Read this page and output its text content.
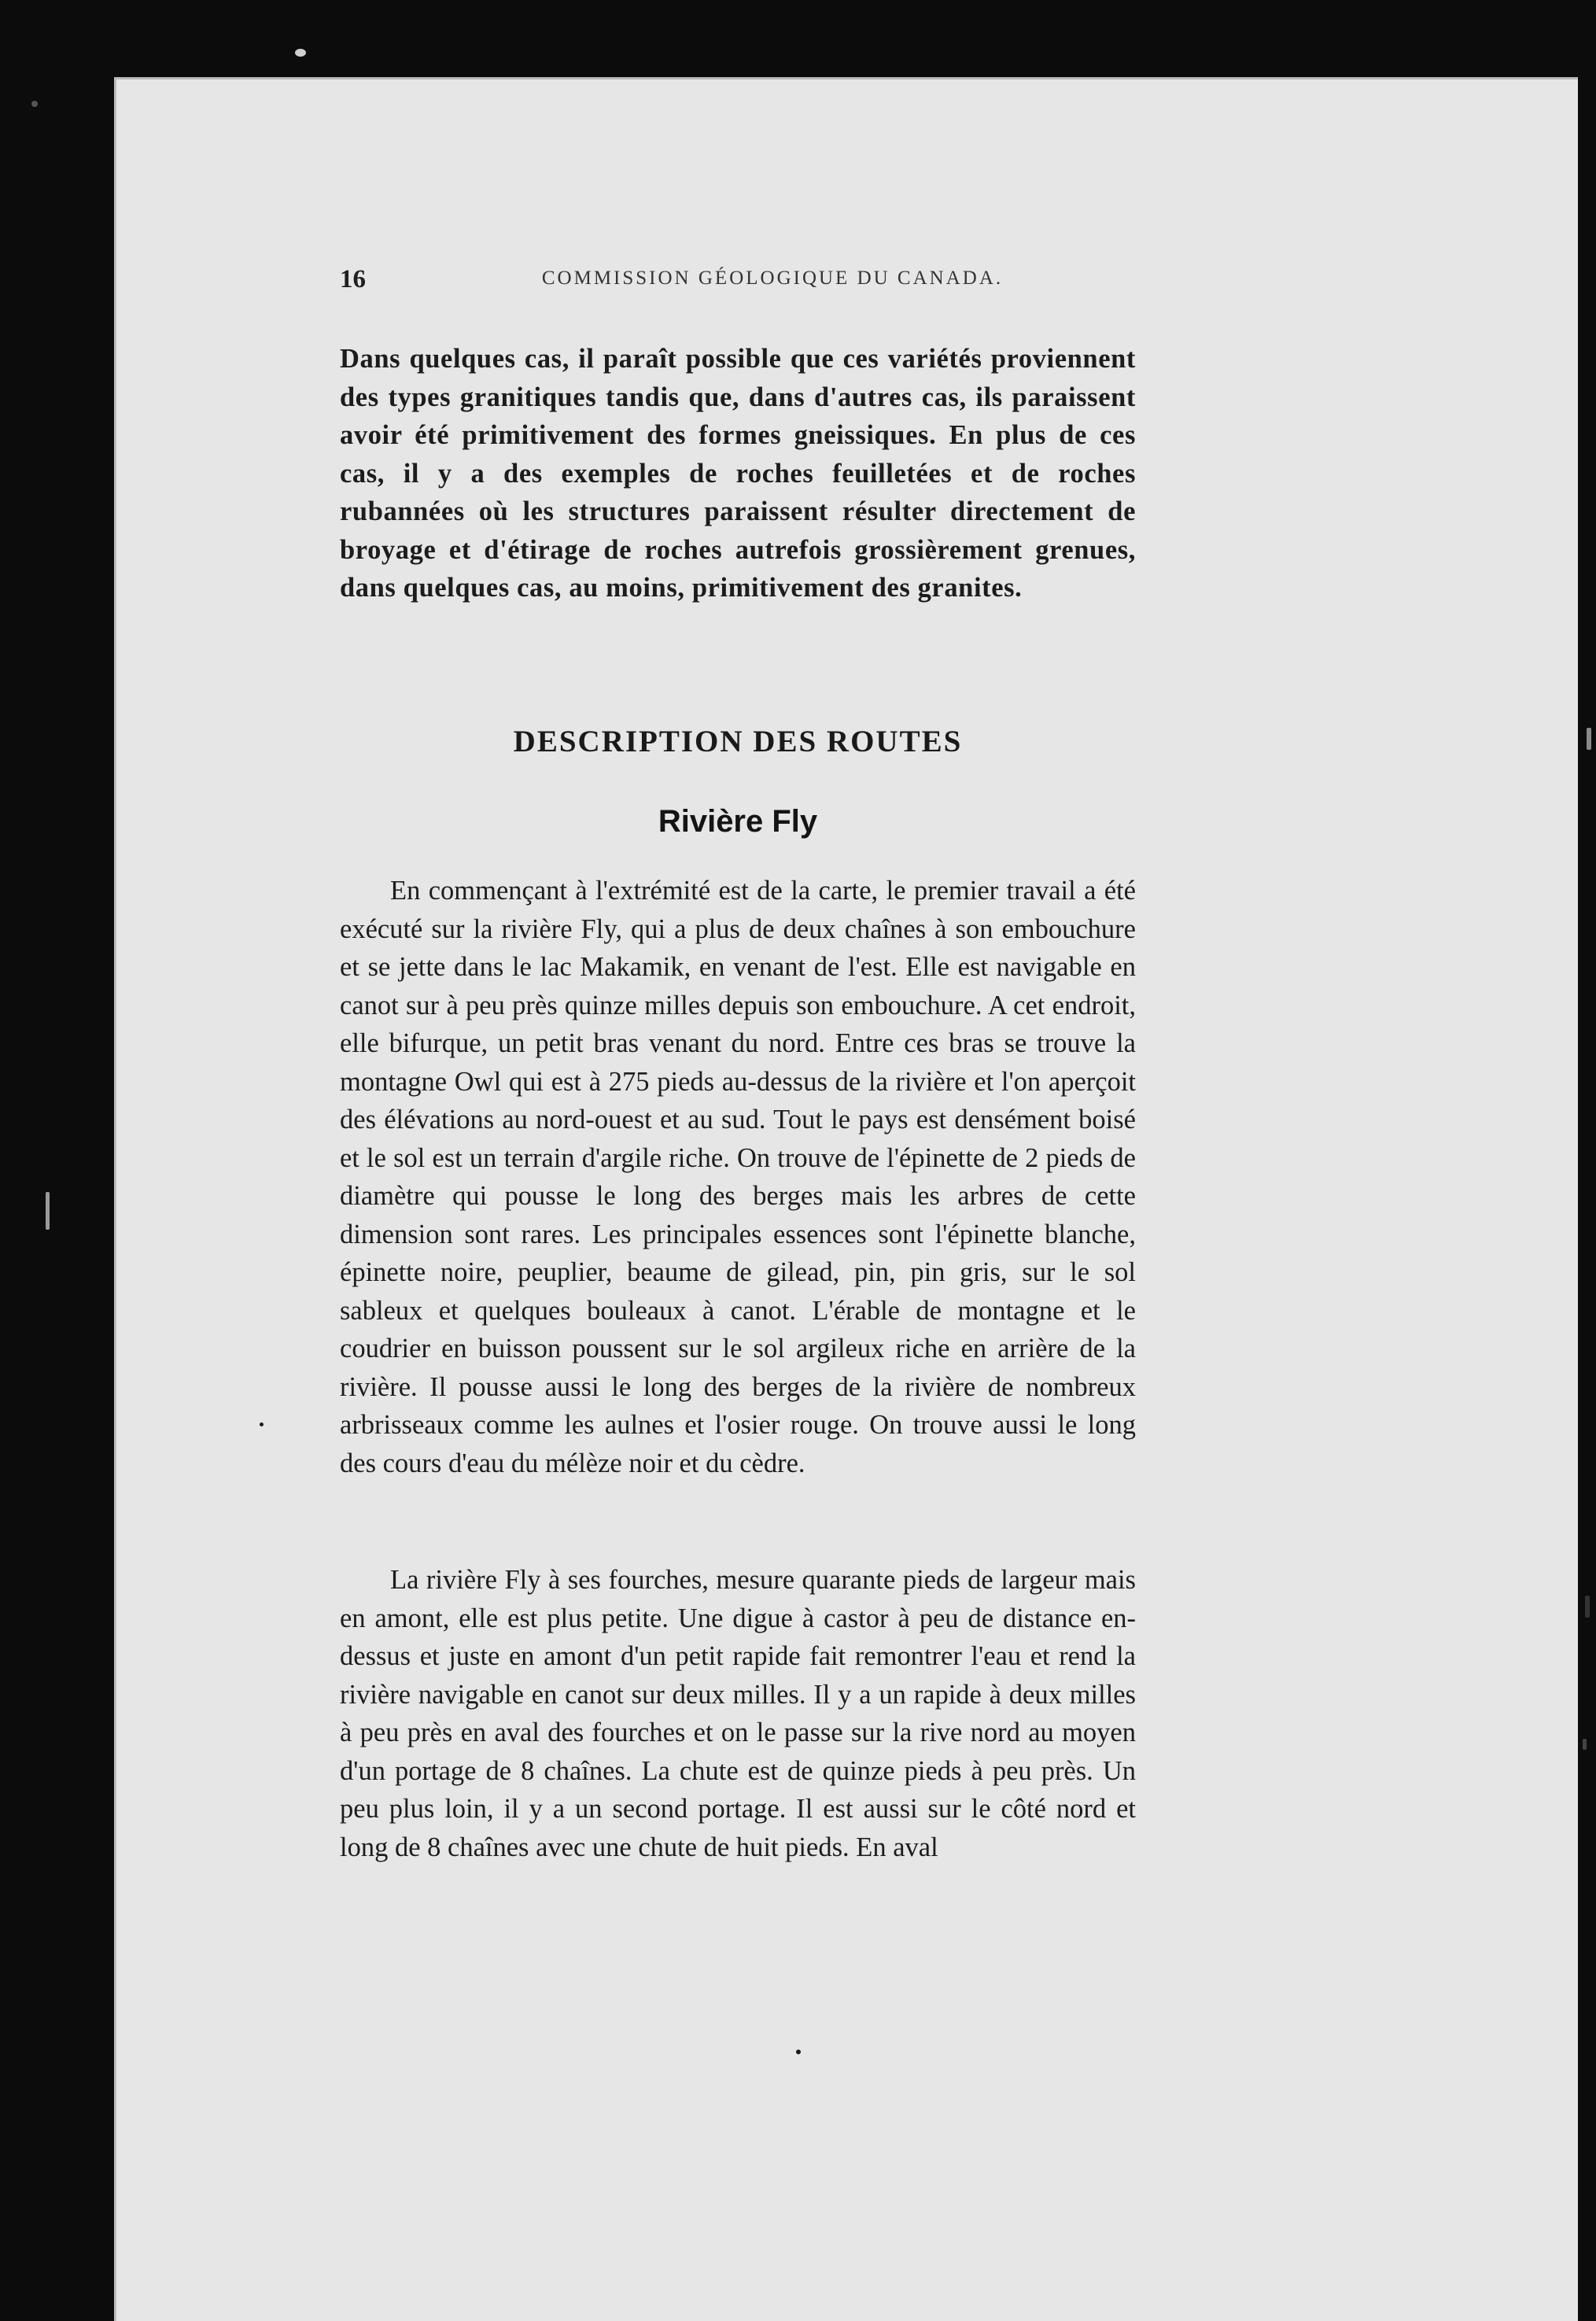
16	COMMISSION GÉOLOGIQUE DU CANADA.
Dans quelques cas, il paraît possible que ces variétés proviennent des types granitiques tandis que, dans d'autres cas, ils paraissent avoir été primitivement des formes gneissiques. En plus de ces cas, il y a des exemples de roches feuilletées et de roches rubannées où les structures paraissent résulter directement de broyage et d'étirage de roches autrefois grossièrement grenues, dans quelques cas, au moins, primitivement des granites.
DESCRIPTION DES ROUTES
Rivière Fly
En commençant à l'extrémité est de la carte, le premier travail a été exécuté sur la rivière Fly, qui a plus de deux chaînes à son embouchure et se jette dans le lac Makamik, en venant de l'est. Elle est navigable en canot sur à peu près quinze milles depuis son embouchure. A cet endroit, elle bifurque, un petit bras venant du nord. Entre ces bras se trouve la montagne Owl qui est à 275 pieds au-dessus de la rivière et l'on aperçoit des élévations au nord-ouest et au sud. Tout le pays est densément boisé et le sol est un terrain d'argile riche. On trouve de l'épinette de 2 pieds de diamètre qui pousse le long des berges mais les arbres de cette dimension sont rares. Les principales essences sont l'épinette blanche, épinette noire, peuplier, beaume de gilead, pin, pin gris, sur le sol sableux et quelques bouleaux à canot. L'érable de montagne et le coudrier en buisson poussent sur le sol argileux riche en arrière de la rivière. Il pousse aussi le long des berges de la rivière de nombreux arbrisseaux comme les aulnes et l'osier rouge. On trouve aussi le long des cours d'eau du mélèze noir et du cèdre.
La rivière Fly à ses fourches, mesure quarante pieds de largeur mais en amont, elle est plus petite. Une digue à castor à peu de distance en-dessus et juste en amont d'un petit rapide fait remontrer l'eau et rend la rivière navigable en canot sur deux milles. Il y a un rapide à deux milles à peu près en aval des fourches et on le passe sur la rive nord au moyen d'un portage de 8 chaînes. La chute est de quinze pieds à peu près. Un peu plus loin, il y a un second portage. Il est aussi sur le côté nord et long de 8 chaînes avec une chute de huit pieds. En aval
